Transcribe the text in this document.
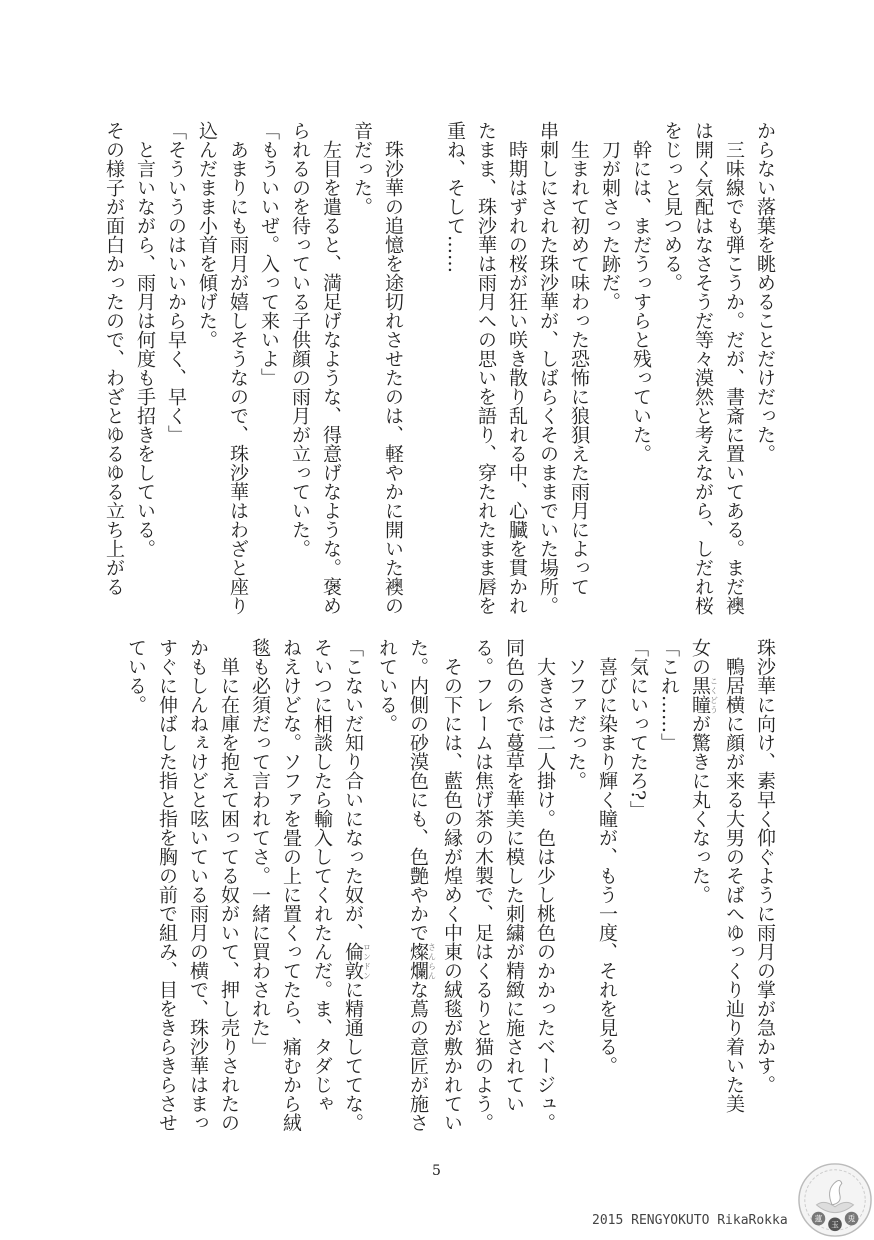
からない落葉を眺めることだけだった。

　三味線でも弾こうか。だが、書斎に置いてある。まだ襖

は開く気配はなさそうだ等々漠然と考えながら、しだれ桜

をじっと見つめる。

　幹には、まだうっすらと残っていた。

　刀が刺さった跡だ。

　生まれて初めて味わった恐怖に狼狽えた雨月によって

串刺しにされた珠沙華が、しばらくそのままでいた場所。

　時期はずれの桜が狂い咲き散り乱れる中、心臓を貫かれ

たまま、珠沙華は雨月への思いを語り、穿たれたまま唇を

重ね、そして……

　珠沙華の追憶を途切れさせたのは、軽やかに開いた襖の

音だった。

　左目を遣ると、満足げなような、得意げなような。褒め

られるのを待っている子供顔の雨月が立っていた。

「もういいぜ。入って来いよ」

　あまりにも雨月が嬉しそうなので、珠沙華はわざと座り

込んだまま小首を傾げた。

「そういうのはいいから早く、早く」

　と言いながら、雨月は何度も手招きをしている。

その様子が面白かったので、わざとゆるゆる立ち上がる

珠沙華に向け、素早く仰ぐように雨月の掌が急かす。

　鴨居横に顔が来る大男のそばへゆっくり辿り着いた美

女の黒瞳こくどうが驚きに丸くなった。

「これ……」

「気にいってたろ?」

　喜びに染まり輝く瞳が、もう一度、それを見る。

　ソファだった。

　大きさは二人掛け。色は少し桃色のかかったベージュ。

同色の糸で蔓草を華美に模した刺繍が精緻に施されてい

る。フレームは焦げ茶の木製で、足はくるりと猫のよう。

　その下には、藍色の縁が煌めく中東の絨毯が敷かれてい

た。内側の砂漠色にも、色艶やかで燦爛さんらんな蔦の意匠が施さ

れている。

「こないだ知り合いになった奴が、倫敦ロンドンに精通しててな。

そいつに相談したら輸入してくれたんだ。ま、タダじゃ

ねえけどな。ソファを畳の上に置くってたら、痛むから絨

毯も必須だって言われてさ。一緒に買わされた」

　単に在庫を抱えて困ってる奴がいて、押し売りされたの

かもしんねぇけどと呟いている雨月の横で、珠沙華はまっ

すぐに伸ばした指と指を胸の前で組み、目をきらきらさせ

ている。

5
2015 RENGYOKUTO RikaRokka	蓮
玉
兎
